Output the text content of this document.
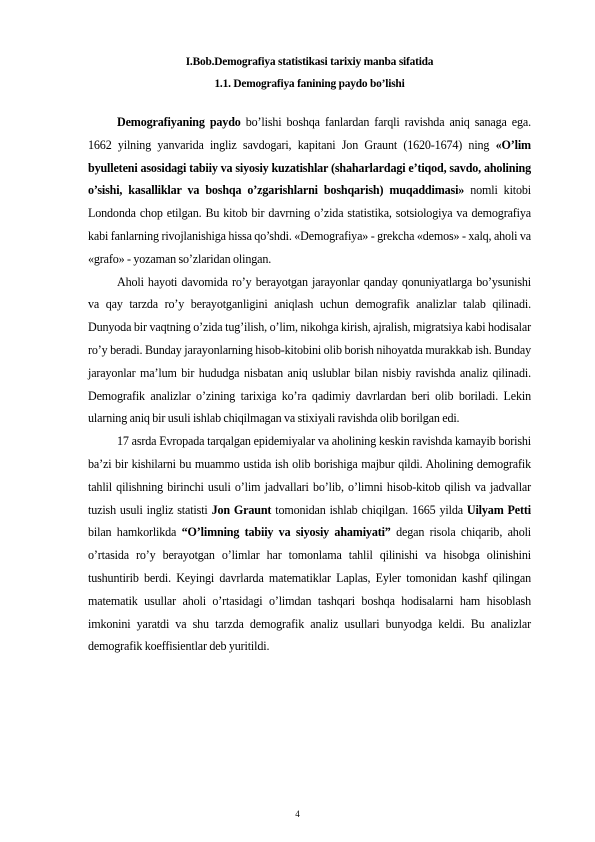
I.Bob.Demografiya statistikasi tarixiy manba sifatida
1.1. Demografiya fanining paydo bo’lishi

Demografiyaning paydo bo’lishi boshqa fanlardan farqli ravishda aniq sanaga ega. 1662 yilning yanvarida ingliz savdogari, kapitani Jon Graunt (1620-1674) ning «O’lim byulleteni asosidagi tabiiy va siyosiy kuzatishlar (shaharlardagi e’tiqod, savdo, aholining o’sishi, kasalliklar va boshqa o’zgarishlarni boshqarish) muqaddimasi» nomli kitobi Londonda chop etilgan. Bu kitob bir davrning o’zida statistika, sotsiologiya va demografiya kabi fanlarning rivojlanishiga hissa qo’shdi. «Demografiya» - grekcha «demos» - xalq, aholi va «grafo» - yozaman so’zlaridan olingan.

Aholi hayoti davomida ro’y berayotgan jarayonlar qanday qonuniyatlarga bo’ysunishi va qay tarzda ro’y berayotganligini aniqlash uchun demografik analizlar talab qilinadi. Dunyoda bir vaqtning o’zida tug’ilish, o’lim, nikohga kirish, ajralish, migratsiya kabi hodisalar ro’y beradi. Bunday jarayonlarning hisob-kitobini olib borish nihoyatda murakkab ish. Bunday jarayonlar ma’lum bir hududga nisbatan aniq uslublar bilan nisbiy ravishda analiz qilinadi. Demografik analizlar o’zining tarixiga ko’ra qadimiy davrlardan beri olib boriladi. Lekin ularning aniq bir usuli ishlab chiqilmagan va stixiyali ravishda olib borilgan edi.

17 asrda Evropada tarqalgan epidemiyalar va aholining keskin ravishda kamayib borishi ba’zi bir kishilarni bu muammo ustida ish olib borishiga majbur qildi. Aholining demografik tahlil qilishning birinchi usuli o’lim jadvallari bo’lib, o’limni hisob-kitob qilish va jadvallar tuzish usuli ingliz statisti Jon Graunt tomonidan ishlab chiqilgan. 1665 yilda Uilyam Petti bilan hamkorlikda “O’limning tabiiy va siyosiy ahamiyati” degan risola chiqarib, aholi o’rtasida ro’y berayotgan o’limlar har tomonlama tahlil qilinishi va hisobga olinishini tushuntirib berdi. Keyingi davrlarda matematiklar Laplas, Eyler tomonidan kashf qilingan matematik usullar aholi o’rtasidagi o’limdan tashqari boshqa hodisalarni ham hisoblash imkonini yaratdi va shu tarzda demografik analiz usullari bunyodga keldi. Bu analizlar demografik koeffisientlar deb yuritildi.

4
